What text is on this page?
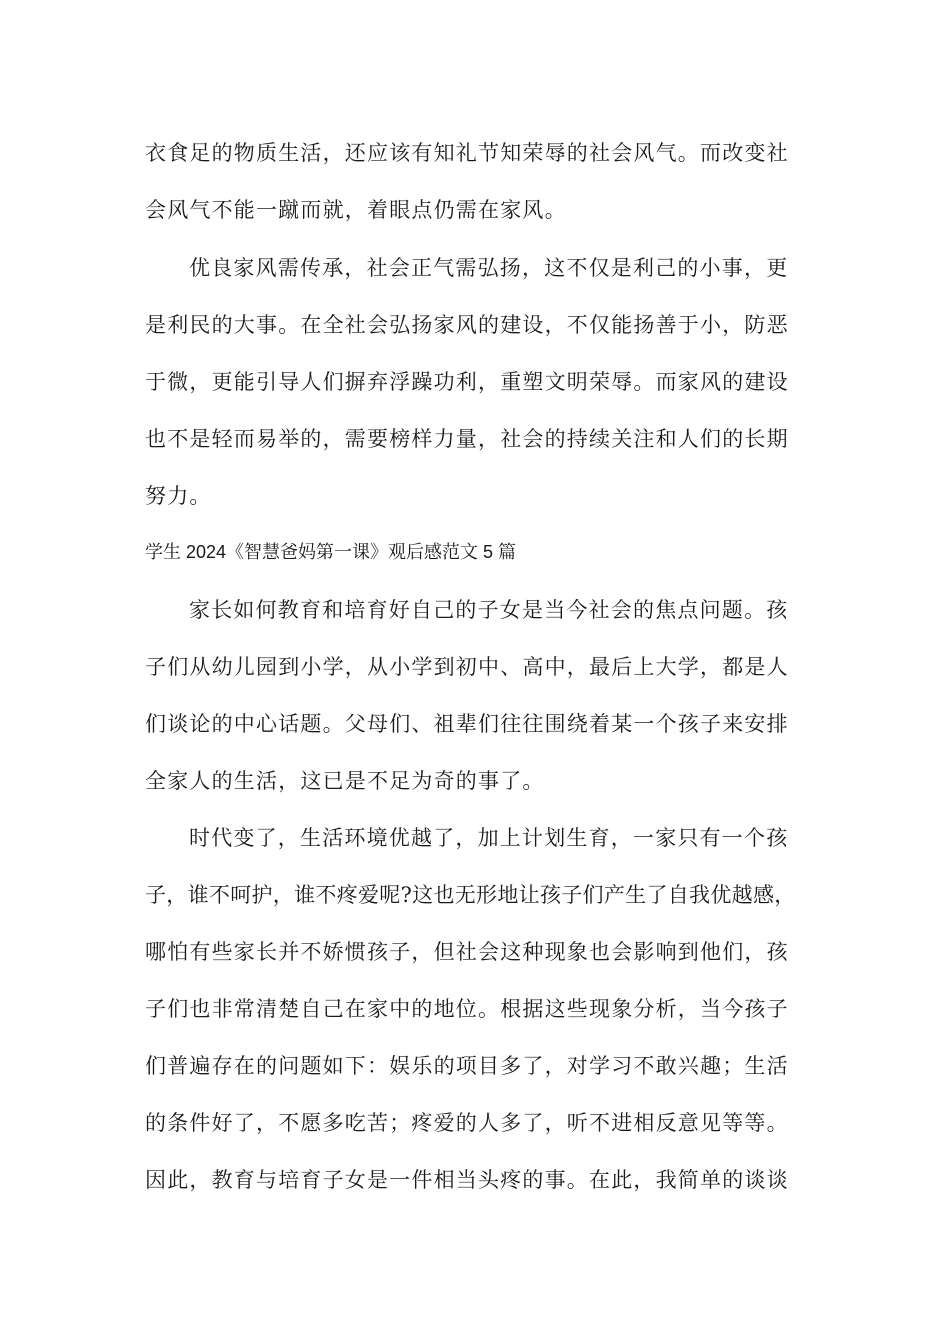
衣食足的物质生活，还应该有知礼节知荣辱的社会风气。而改变社
会风气不能一蹴而就，着眼点仍需在家风。
优良家风需传承，社会正气需弘扬，这不仅是利己的小事，更
是利民的大事。在全社会弘扬家风的建设，不仅能扬善于小，防恶
于微，更能引导人们摒弃浮躁功利，重塑文明荣辱。而家风的建设
也不是轻而易举的，需要榜样力量，社会的持续关注和人们的长期
努力。
学生 2024《智慧爸妈第一课》观后感范文 5 篇
家长如何教育和培育好自己的子女是当今社会的焦点问题。孩
子们从幼儿园到小学，从小学到初中、高中，最后上大学，都是人
们谈论的中心话题。父母们、祖辈们往往围绕着某一个孩子来安排
全家人的生活，这已是不足为奇的事了。
时代变了，生活环境优越了，加上计划生育，一家只有一个孩
子，谁不呵护，谁不疼爱呢?这也无形地让孩子们产生了自我优越感，
哪怕有些家长并不娇惯孩子，但社会这种现象也会影响到他们，孩
子们也非常清楚自己在家中的地位。根据这些现象分析，当今孩子
们普遍存在的问题如下：娱乐的项目多了，对学习不敢兴趣；生活
的条件好了，不愿多吃苦；疼爱的人多了，听不进相反意见等等。
因此，教育与培育子女是一件相当头疼的事。在此，我简单的谈谈
